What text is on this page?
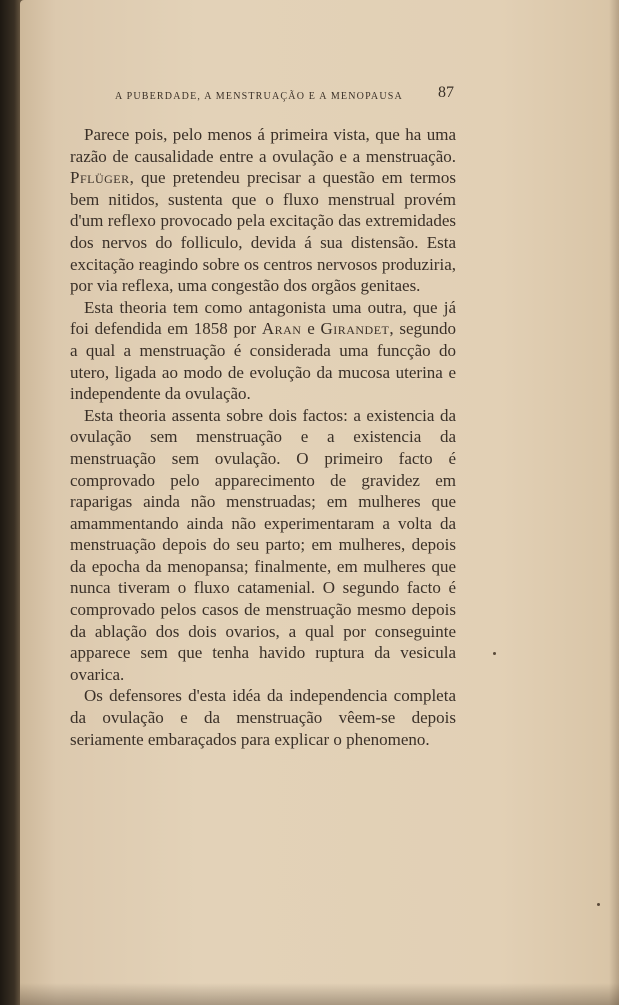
A PUBERDADE, A MENSTRUAÇÃO E A MENOPAUSA	87

Parece pois, pelo menos á primeira vista, que ha uma razão de causalidade entre a ovulação e a menstruação. Pflüger, que pretendeu precisar a questão em termos bem nitidos, sustenta que o fluxo menstrual provém d'um reflexo provocado pela excitação das extremidades dos nervos do folliculo, devida á sua distensão. Esta excitação reagindo sobre os centros nervosos produziria, por via reflexa, uma congestão dos orgãos genitaes.

Esta theoria tem como antagonista uma outra, que já foi defendida em 1858 por Aran e Girandet, segundo a qual a menstruação é considerada uma funcção do utero, ligada ao modo de evolução da mucosa uterina e independente da ovulação.

Esta theoria assenta sobre dois factos: a existencia da ovulação sem menstruação e a existencia da menstruação sem ovulação. O primeiro facto é comprovado pelo apparecimento de gravidez em raparigas ainda não menstruadas; em mulheres que amammentando ainda não experimentaram a volta da menstruação depois do seu parto; em mulheres, depois da epocha da menopansa; finalmente, em mulheres que nunca tiveram o fluxo catamenial. O segundo facto é comprovado pelos casos de menstruação mesmo depois da ablação dos dois ovarios, a qual por conseguinte apparece sem que tenha havido ruptura da vesicula ovarica.

Os defensores d'esta idéa da independencia completa da ovulação e da menstruação vêem-se depois seriamente embaraçados para explicar o phenomeno.
